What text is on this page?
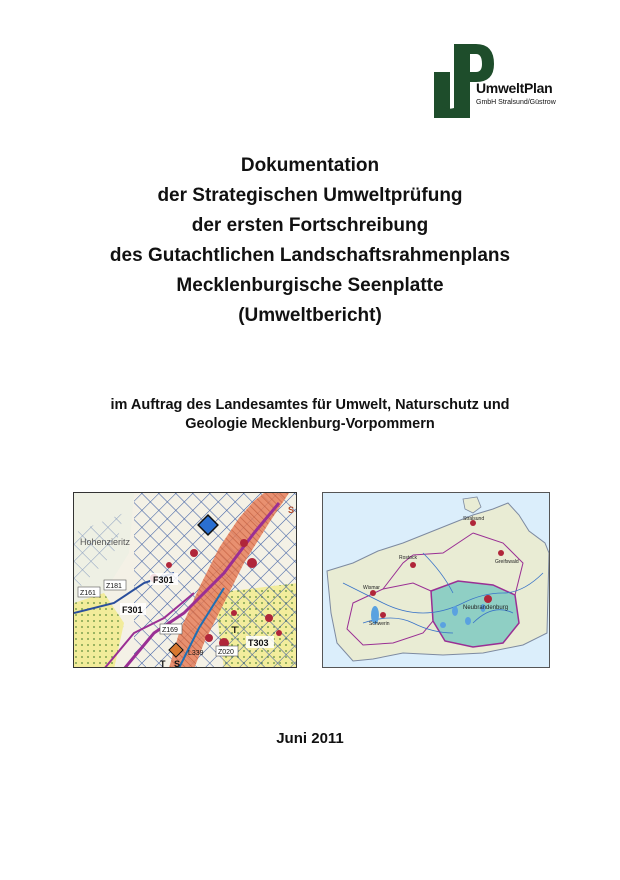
UmweltPlan
GmbH Stralsund/Güstrow
Dokumentation
der Strategischen Umweltprüfung
der ersten Fortschreibung
des Gutachtlichen Landschaftsrahmenplans
Mecklenburgische Seenplatte
(Umweltbericht)
im Auftrag des Landesamtes für Umwelt, Naturschutz und
Geologie Mecklenburg-Vorpommern
Hohenzieritz
F301
F301
Z181
Z161
Z169
Z020
T303
L339
T
T
S
S
Rostock
Stralsund
Greifswald
Wismar
Schwerin
Neubrandenburg
Juni 2011
